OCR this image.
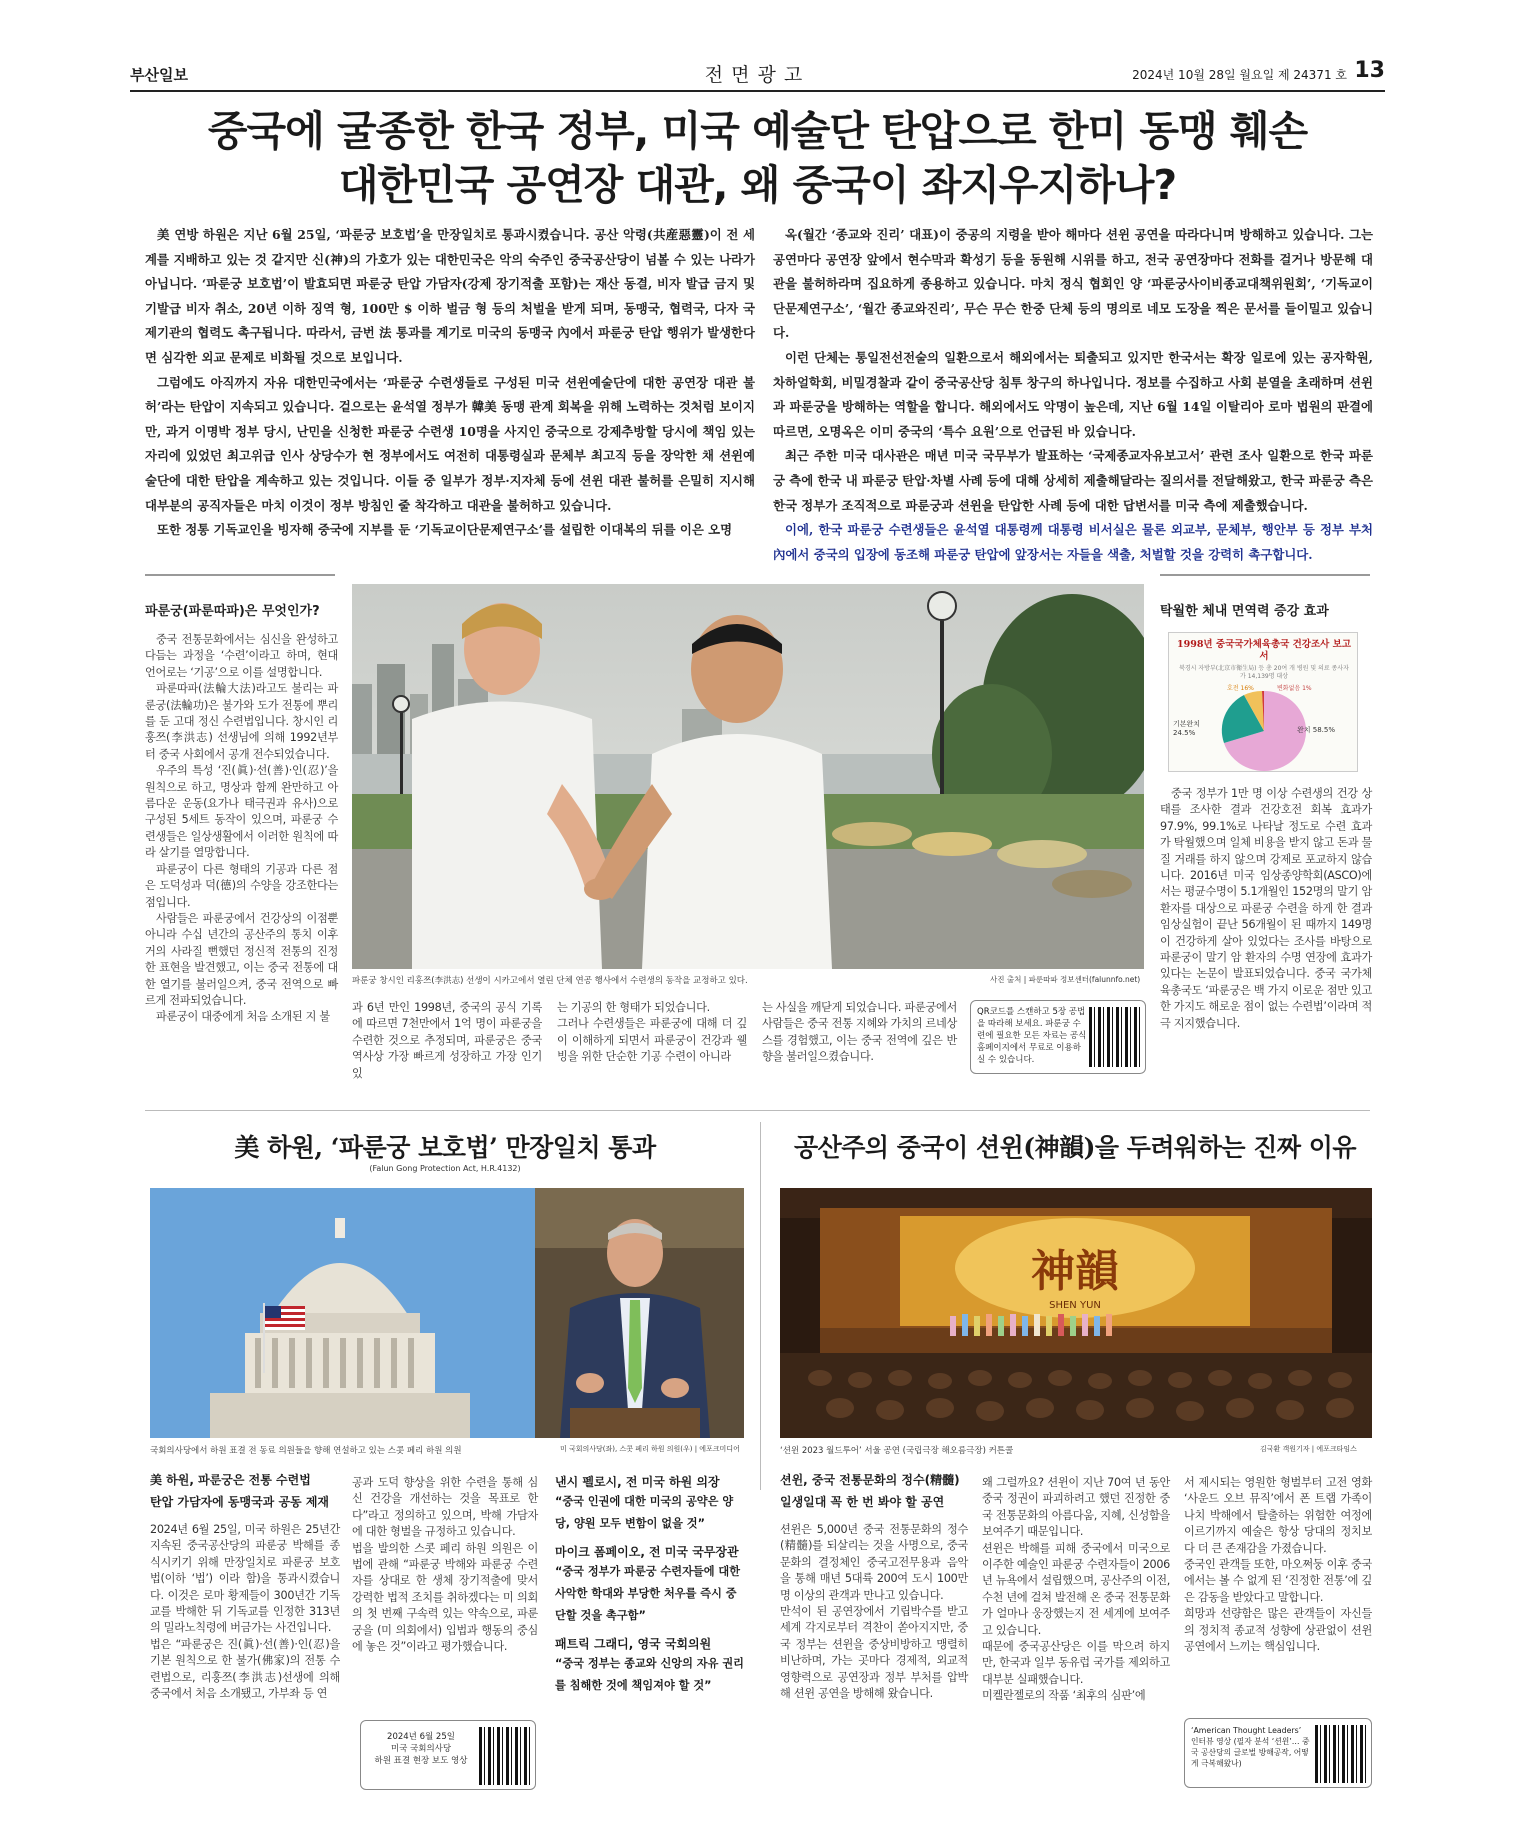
부산일보	전면광고	2024년 10월 28일 월요일 제 24371 호 13
중국에 굴종한 한국 정부, 미국 예술단 탄압으로 한미 동맹 훼손
대한민국 공연장 대관, 왜 중국이 좌지우지하나?

美 연방 하원은 지난 6월 25일, ‘파룬궁 보호법’을 만장일치로 통과시켰습니다. 공산 악령(共産惡靈)이 전 세계를 지배하고 있는 것 같지만 신(神)의 가호가 있는 대한민국은 악의 숙주인 중국공산당이 넘볼 수 있는 나라가 아닙니다. ‘파룬궁 보호법’이 발효되면 파룬궁 탄압 가담자(강제 장기적출 포함)는 재산 동결, 비자 발급 금지 및 기발급 비자 취소, 20년 이하 징역 형, 100만 $ 이하 벌금 형 등의 처벌을 받게 되며, 동맹국, 협력국, 다자 국제기관의 협력도 촉구됩니다. 따라서, 금번 法 통과를 계기로 미국의 동맹국 內에서 파룬궁 탄압 행위가 발생한다면 심각한 외교 문제로 비화될 것으로 보입니다.

그럼에도 아직까지 자유 대한민국에서는 ‘파룬궁 수련생들로 구성된 미국 션윈예술단에 대한 공연장 대관 불허’라는 탄압이 지속되고 있습니다. 겉으로는 윤석열 정부가 韓美 동맹 관계 회복을 위해 노력하는 것처럼 보이지만, 과거 이명박 정부 당시, 난민을 신청한 파룬궁 수련생 10명을 사지인 중국으로 강제추방할 당시에 책임 있는 자리에 있었던 최고위급 인사 상당수가 현 정부에서도 여전히 대통령실과 문체부 최고직 등을 장악한 채 션윈예술단에 대한 탄압을 계속하고 있는 것입니다. 이들 중 일부가 정부·지자체 등에 션윈 대관 불허를 은밀히 지시해 대부분의 공직자들은 마치 이것이 정부 방침인 줄 착각하고 대관을 불허하고 있습니다.

또한 정통 기독교인을 빙자해 중국에 지부를 둔 ‘기독교이단문제연구소’를 설립한 이대복의 뒤를 이은 오명

옥(월간 ‘종교와 진리’ 대표)이 중공의 지령을 받아 해마다 션윈 공연을 따라다니며 방해하고 있습니다. 그는 공연마다 공연장 앞에서 현수막과 확성기 등을 동원해 시위를 하고, 전국 공연장마다 전화를 걸거나 방문해 대관을 불허하라며 집요하게 종용하고 있습니다. 마치 정식 협회인 양 ‘파룬궁사이비종교대책위원회’, ‘기독교이단문제연구소’, ‘월간 종교와진리’, 무슨 무슨 한중 단체 등의 명의로 네모 도장을 찍은 문서를 들이밀고 있습니다.

이런 단체는 통일전선전술의 일환으로서 해외에서는 퇴출되고 있지만 한국서는 확장 일로에 있는 공자학원, 차하얼학회, 비밀경찰과 같이 중국공산당 침투 창구의 하나입니다. 정보를 수집하고 사회 분열을 초래하며 션윈과 파룬궁을 방해하는 역할을 합니다. 해외에서도 악명이 높은데, 지난 6월 14일 이탈리아 로마 법원의 판결에 따르면, 오명옥은 이미 중국의 ‘특수 요원’으로 언급된 바 있습니다.

최근 주한 미국 대사관은 매년 미국 국무부가 발표하는 ‘국제종교자유보고서’ 관련 조사 일환으로 한국 파룬궁 측에 한국 내 파룬궁 탄압·차별 사례 등에 대해 상세히 제출해달라는 질의서를 전달해왔고, 한국 파룬궁 측은 한국 정부가 조직적으로 파룬궁과 션윈을 탄압한 사례 등에 대한 답변서를 미국 측에 제출했습니다.

이에, 한국 파룬궁 수련생들은 윤석열 대통령께 대통령 비서실은 물론 외교부, 문체부, 행안부 등 정부 부처 內에서 중국의 입장에 동조해 파룬궁 탄압에 앞장서는 자들을 색출, 처벌할 것을 강력히 촉구합니다.

파룬궁(파룬따파)은 무엇인가?

중국 전통문화에서는 심신을 완성하고 다듬는 과정을 ‘수련’이라고 하며, 현대 언어로는 ‘기공’으로 이를 설명합니다.

파룬따파(法輪大法)라고도 불리는 파룬궁(法輪功)은 불가와 도가 전통에 뿌리를 둔 고대 정신 수련법입니다. 창시인 리훙쯔(李洪志) 선생님에 의해 1992년부터 중국 사회에서 공개 전수되었습니다.

우주의 특성 ‘진(眞)·선(善)·인(忍)’을 원칙으로 하고, 명상과 함께 완만하고 아름다운 운동(요가나 태극권과 유사)으로 구성된 5세트 동작이 있으며, 파룬궁 수련생들은 일상생활에서 이러한 원칙에 따라 살기를 열망합니다.

파룬궁이 다른 형태의 기공과 다른 점은 도덕성과 덕(德)의 수양을 강조한다는 점입니다.

사람들은 파룬궁에서 건강상의 이점뿐 아니라 수십 년간의 공산주의 통치 이후 거의 사라질 뻔했던 정신적 전통의 진정한 표현을 발견했고, 이는 중국 전통에 대한 열기를 불러일으켜, 중국 전역으로 빠르게 전파되었습니다.

파룬궁이 대중에게 처음 소개된 지 불

파룬궁 창시인 리훙쯔(李洪志) 선생이 시카고에서 열린 단체 연공 행사에서 수련생의 동작을 교정하고 있다.	사진 출처 | 파룬따파 정보센터(falunnfo.net)
과 6년 만인 1998년, 중국의 공식 기록에 따르면 7천만에서 1억 명이 파룬궁을 수련한 것으로 추정되며, 파룬궁은 중국 역사상 가장 빠르게 성장하고 가장 인기 있
는 기공의 한 형태가 되었습니다.
그러나 수련생들은 파룬궁에 대해 더 깊이 이해하게 되면서 파룬궁이 건강과 웰빙을 위한 단순한 기공 수련이 아니라
는 사실을 깨닫게 되었습니다. 파룬궁에서 사람들은 중국 전통 지혜와 가치의 르네상스를 경험했고, 이는 중국 전역에 깊은 반향을 불러일으켰습니다.
QR코드를 스캔하고 5장 공법을 따라해 보세요. 파룬궁 수련에 필요한 모든 자료는 공식 홈페이지에서 무료로 이용하실 수 있습니다.
탁월한 체내 면역력 증강 효과
1998년 중국국가체육총국 건강조사 보고서
북경시 자방부(北京市衛生局) 등 총 20여 개 병원 및 의료 종사자가 14,139명 대상
호전 16%	변화없음 1%
완치 58.5%
기본완치 24.5%

중국 정부가 1만 명 이상 수련생의 건강 상태를 조사한 결과 건강호전 회복 효과가 97.9%, 99.1%로 나타날 정도로 수련 효과가 탁월했으며 일체 비용을 받지 않고 돈과 물질 거래를 하지 않으며 강제로 포교하지 않습니다. 2016년 미국 임상종양학회(ASCO)에서는 평균수명이 5.1개월인 152명의 말기 암 환자를 대상으로 파룬궁 수련을 하게 한 결과 임상실험이 끝난 56개월이 된 때까지 149명이 건강하게 살아 있었다는 조사를 바탕으로 파룬궁이 말기 암 환자의 수명 연장에 효과가 있다는 논문이 발표되었습니다. 중국 국가체육총국도 ‘파룬궁은 백 가지 이로운 점만 있고 한 가지도 해로운 점이 없는 수련법’이라며 적극 지지했습니다.

美 하원, ‘파룬궁 보호법’ 만장일치 통과
(Falun Gong Protection Act, H.R.4132)
국회의사당에서 하원 표결 전 동료 의원들을 향해 연설하고 있는 스콧 페리 하원 의원	미 국회의사당(좌), 스콧 페리 하원 의원(우) | 에포크미디어
美 하원, 파룬궁은 전통 수련법
탄압 가담자에 동맹국과 공동 제재
2024년 6월 25일, 미국 하원은 25년간 지속된 중국공산당의 파룬궁 박해를 종식시키기 위해 만장일치로 파룬궁 보호법(이하 ‘법’) 이라 함)을 통과시켰습니다. 이것은 로마 황제들이 300년간 기독교를 박해한 뒤 기독교를 인정한 313년의 밀라노칙령에 버금가는 사건입니다.
법은 “파룬궁은 진(眞)·선(善)·인(忍)을 기본 원칙으로 한 불가(佛家)의 전통 수련법으로, 리훙쯔(李洪志)선생에 의해 중국에서 처음 소개됐고, 가부좌 등 연
공과 도덕 향상을 위한 수련을 통해 심신 건강을 개선하는 것을 목표로 한다”라고 정의하고 있으며, 박해 가담자에 대한 형벌을 규정하고 있습니다.
법을 발의한 스콧 페리 하원 의원은 이 법에 관해 “파룬궁 박해와 파룬궁 수련자를 상대로 한 생체 장기적출에 맞서 강력한 법적 조치를 취하겠다는 미 의회의 첫 번째 구속력 있는 약속으로, 파룬궁을 (미 의회에서) 입법과 행동의 중심에 놓은 것”이라고 평가했습니다.
2024년 6월 25일
미국 국회의사당
하원 표결 현장 보도 영상
낸시 펠로시, 전 미국 하원 의장
“중국 인권에 대한 미국의 공약은 양당, 양원 모두 변함이 없을 것”
마이크 폼페이오, 전 미국 국무장관
“중국 정부가 파룬궁 수련자들에 대한 사악한 학대와 부당한 처우를 즉시 중단할 것을 촉구함”
패트릭 그래디, 영국 국회의원
“중국 정부는 종교와 신앙의 자유 권리를 침해한 것에 책임져야 할 것”
공산주의 중국이 션윈(神韻)을 두려워하는 진짜 이유
神韻
SHEN YUN
‘션윈 2023 월드투어’ 서울 공연 (국립극장 해오름극장) 커튼콜	김국환 객원기자 | 에포크타임스
션윈, 중국 전통문화의 정수(精髓)
일생일대 꼭 한 번 봐야 할 공연
션윈은 5,000년 중국 전통문화의 정수(精髓)를 되살리는 것을 사명으로, 중국 문화의 결정체인 중국고전무용과 음악을 통해 매년 5대륙 200여 도시 100만 명 이상의 관객과 만나고 있습니다.
만석이 된 공연장에서 기립박수를 받고 세계 각지로부터 격찬이 쏟아지지만, 중국 정부는 션윈을 중상비방하고 맹렬히 비난하며, 가는 곳마다 경제적, 외교적 영향력으로 공연장과 정부 부처를 압박해 션윈 공연을 방해해 왔습니다.
왜 그럴까요? 션윈이 지난 70여 년 동안 중국 정권이 파괴하려고 했던 진정한 중국 전통문화의 아름다움, 지혜, 신성함을 보여주기 때문입니다.
션윈은 박해를 피해 중국에서 미국으로 이주한 예술인 파룬궁 수련자들이 2006년 뉴욕에서 설립했으며, 공산주의 이전, 수천 년에 걸쳐 발전해 온 중국 전통문화가 얼마나 웅장했는지 전 세계에 보여주고 있습니다.
때문에 중국공산당은 이를 막으려 하지만, 한국과 일부 동유럽 국가를 제외하고 대부분 실패했습니다.
미켈란젤로의 작품 ‘최후의 심판’에
서 제시되는 영원한 형벌부터 고전 영화 ‘사운드 오브 뮤직’에서 폰 트랩 가족이 나치 박해에서 탈출하는 위험한 여정에 이르기까지 예술은 항상 당대의 정치보다 더 큰 존재감을 가졌습니다.
중국인 관객들 또한, 마오쩌둥 이후 중국에서는 볼 수 없게 된 ‘진정한 전통’에 깊은 감동을 받았다고 말합니다.
희망과 선량함은 많은 관객들이 자신들의 정치적 종교적 성향에 상관없이 션윈 공연에서 느끼는 핵심입니다.
‘American Thought Leaders’ 인터뷰 영상 (필자 분석 ‘션윈’… 중국 공산당의 글로벌 방해공작, 어떻게 극복해왔나)
